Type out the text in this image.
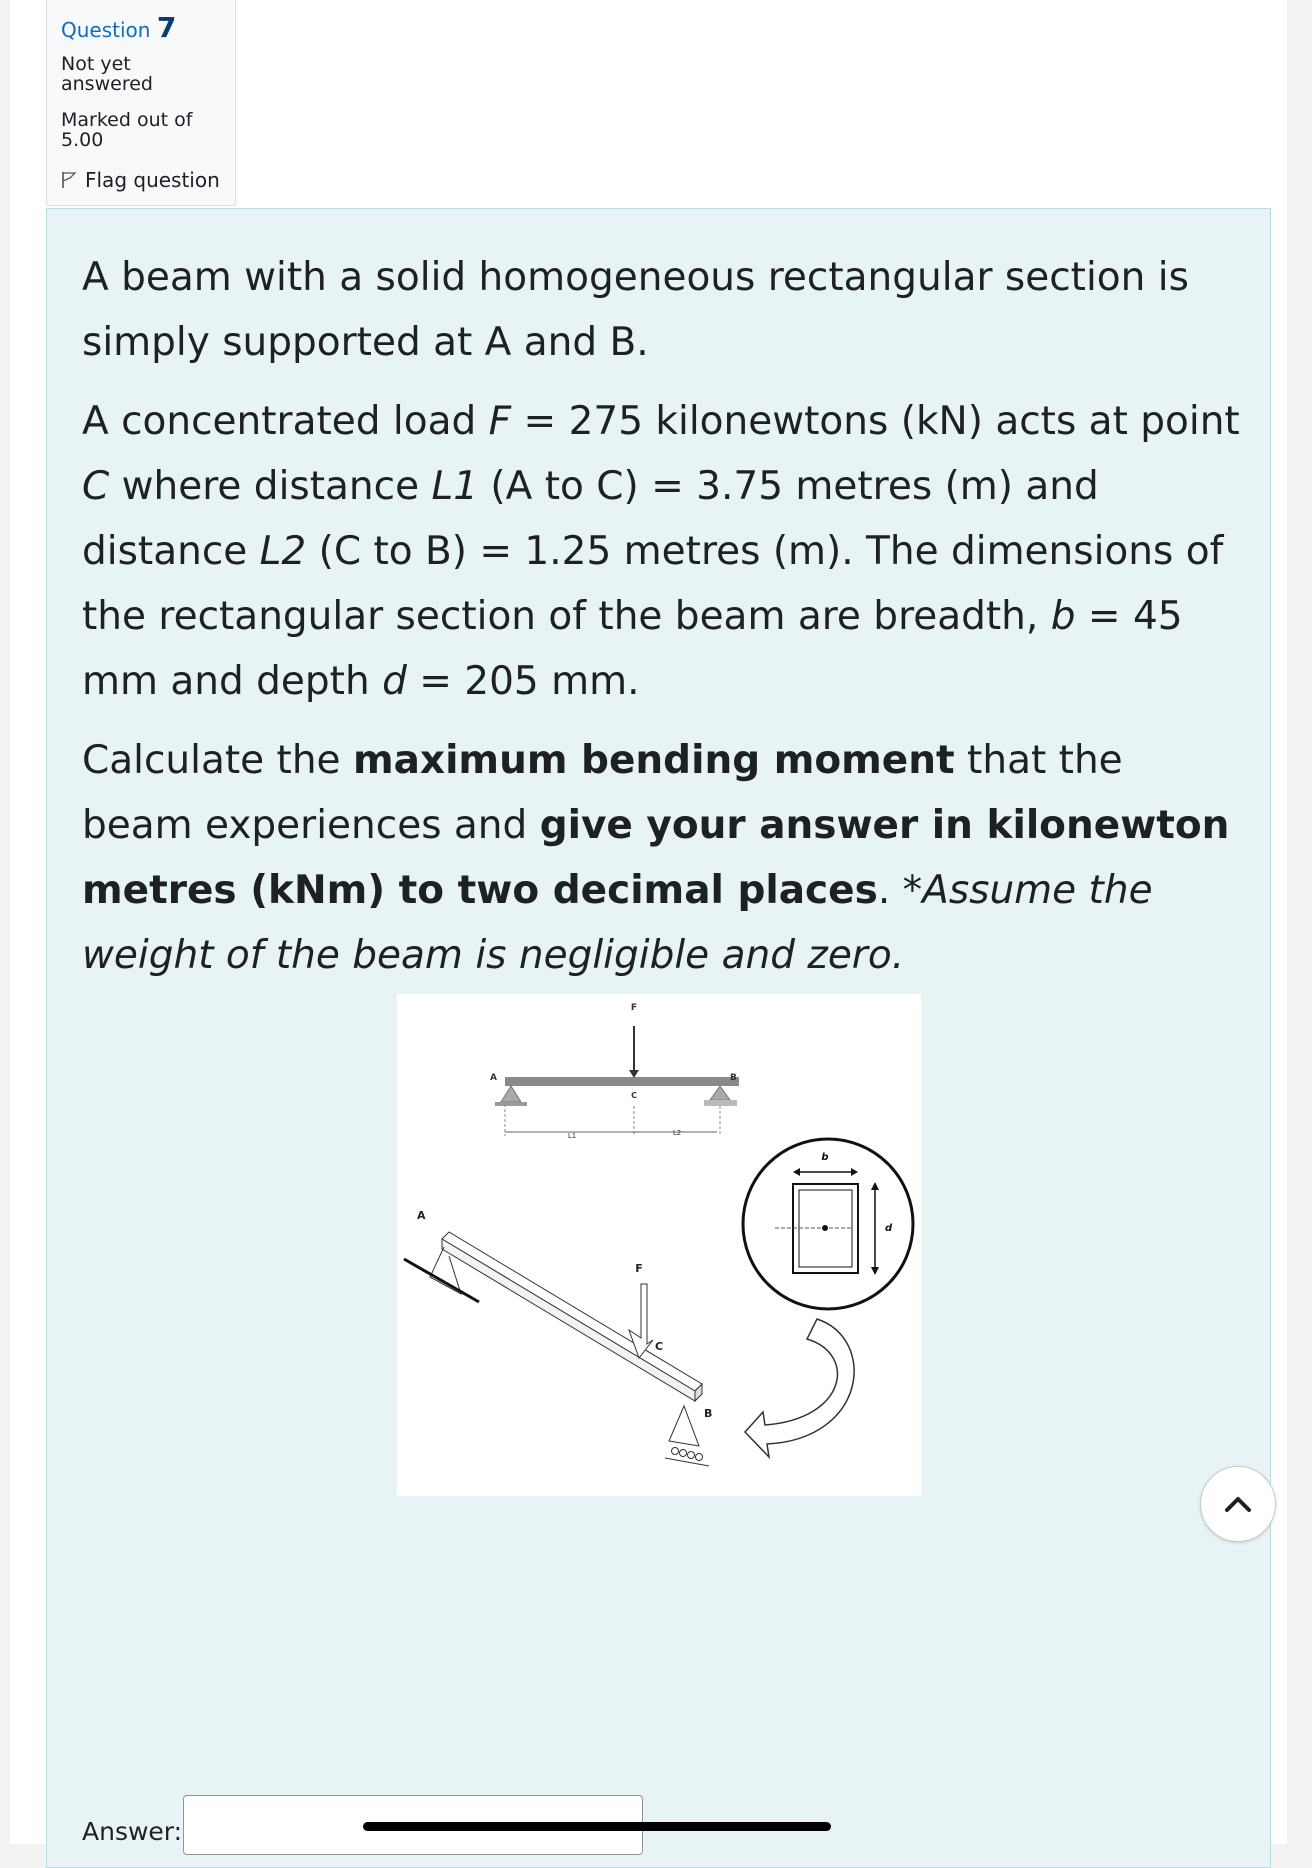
Question 7
Not yet answered
Marked out of 5.00
Flag question

A beam with a solid homogeneous rectangular section is simply supported at A and B.

A concentrated load F = 275 kilonewtons (kN) acts at point C where distance L1 (A to C) = 3.75 metres (m) and distance L2 (C to B) = 1.25 metres (m). The dimensions of the rectangular section of the beam are breadth, b = 45 mm and depth d = 205 mm.

Calculate the maximum bending moment that the beam experiences and give your answer in kilonewton metres (kNm) to two decimal places. *Assume the weight of the beam is negligible and zero.

F
A	B
C
L1	L2
A
F
C
B
b
d
Answer:
